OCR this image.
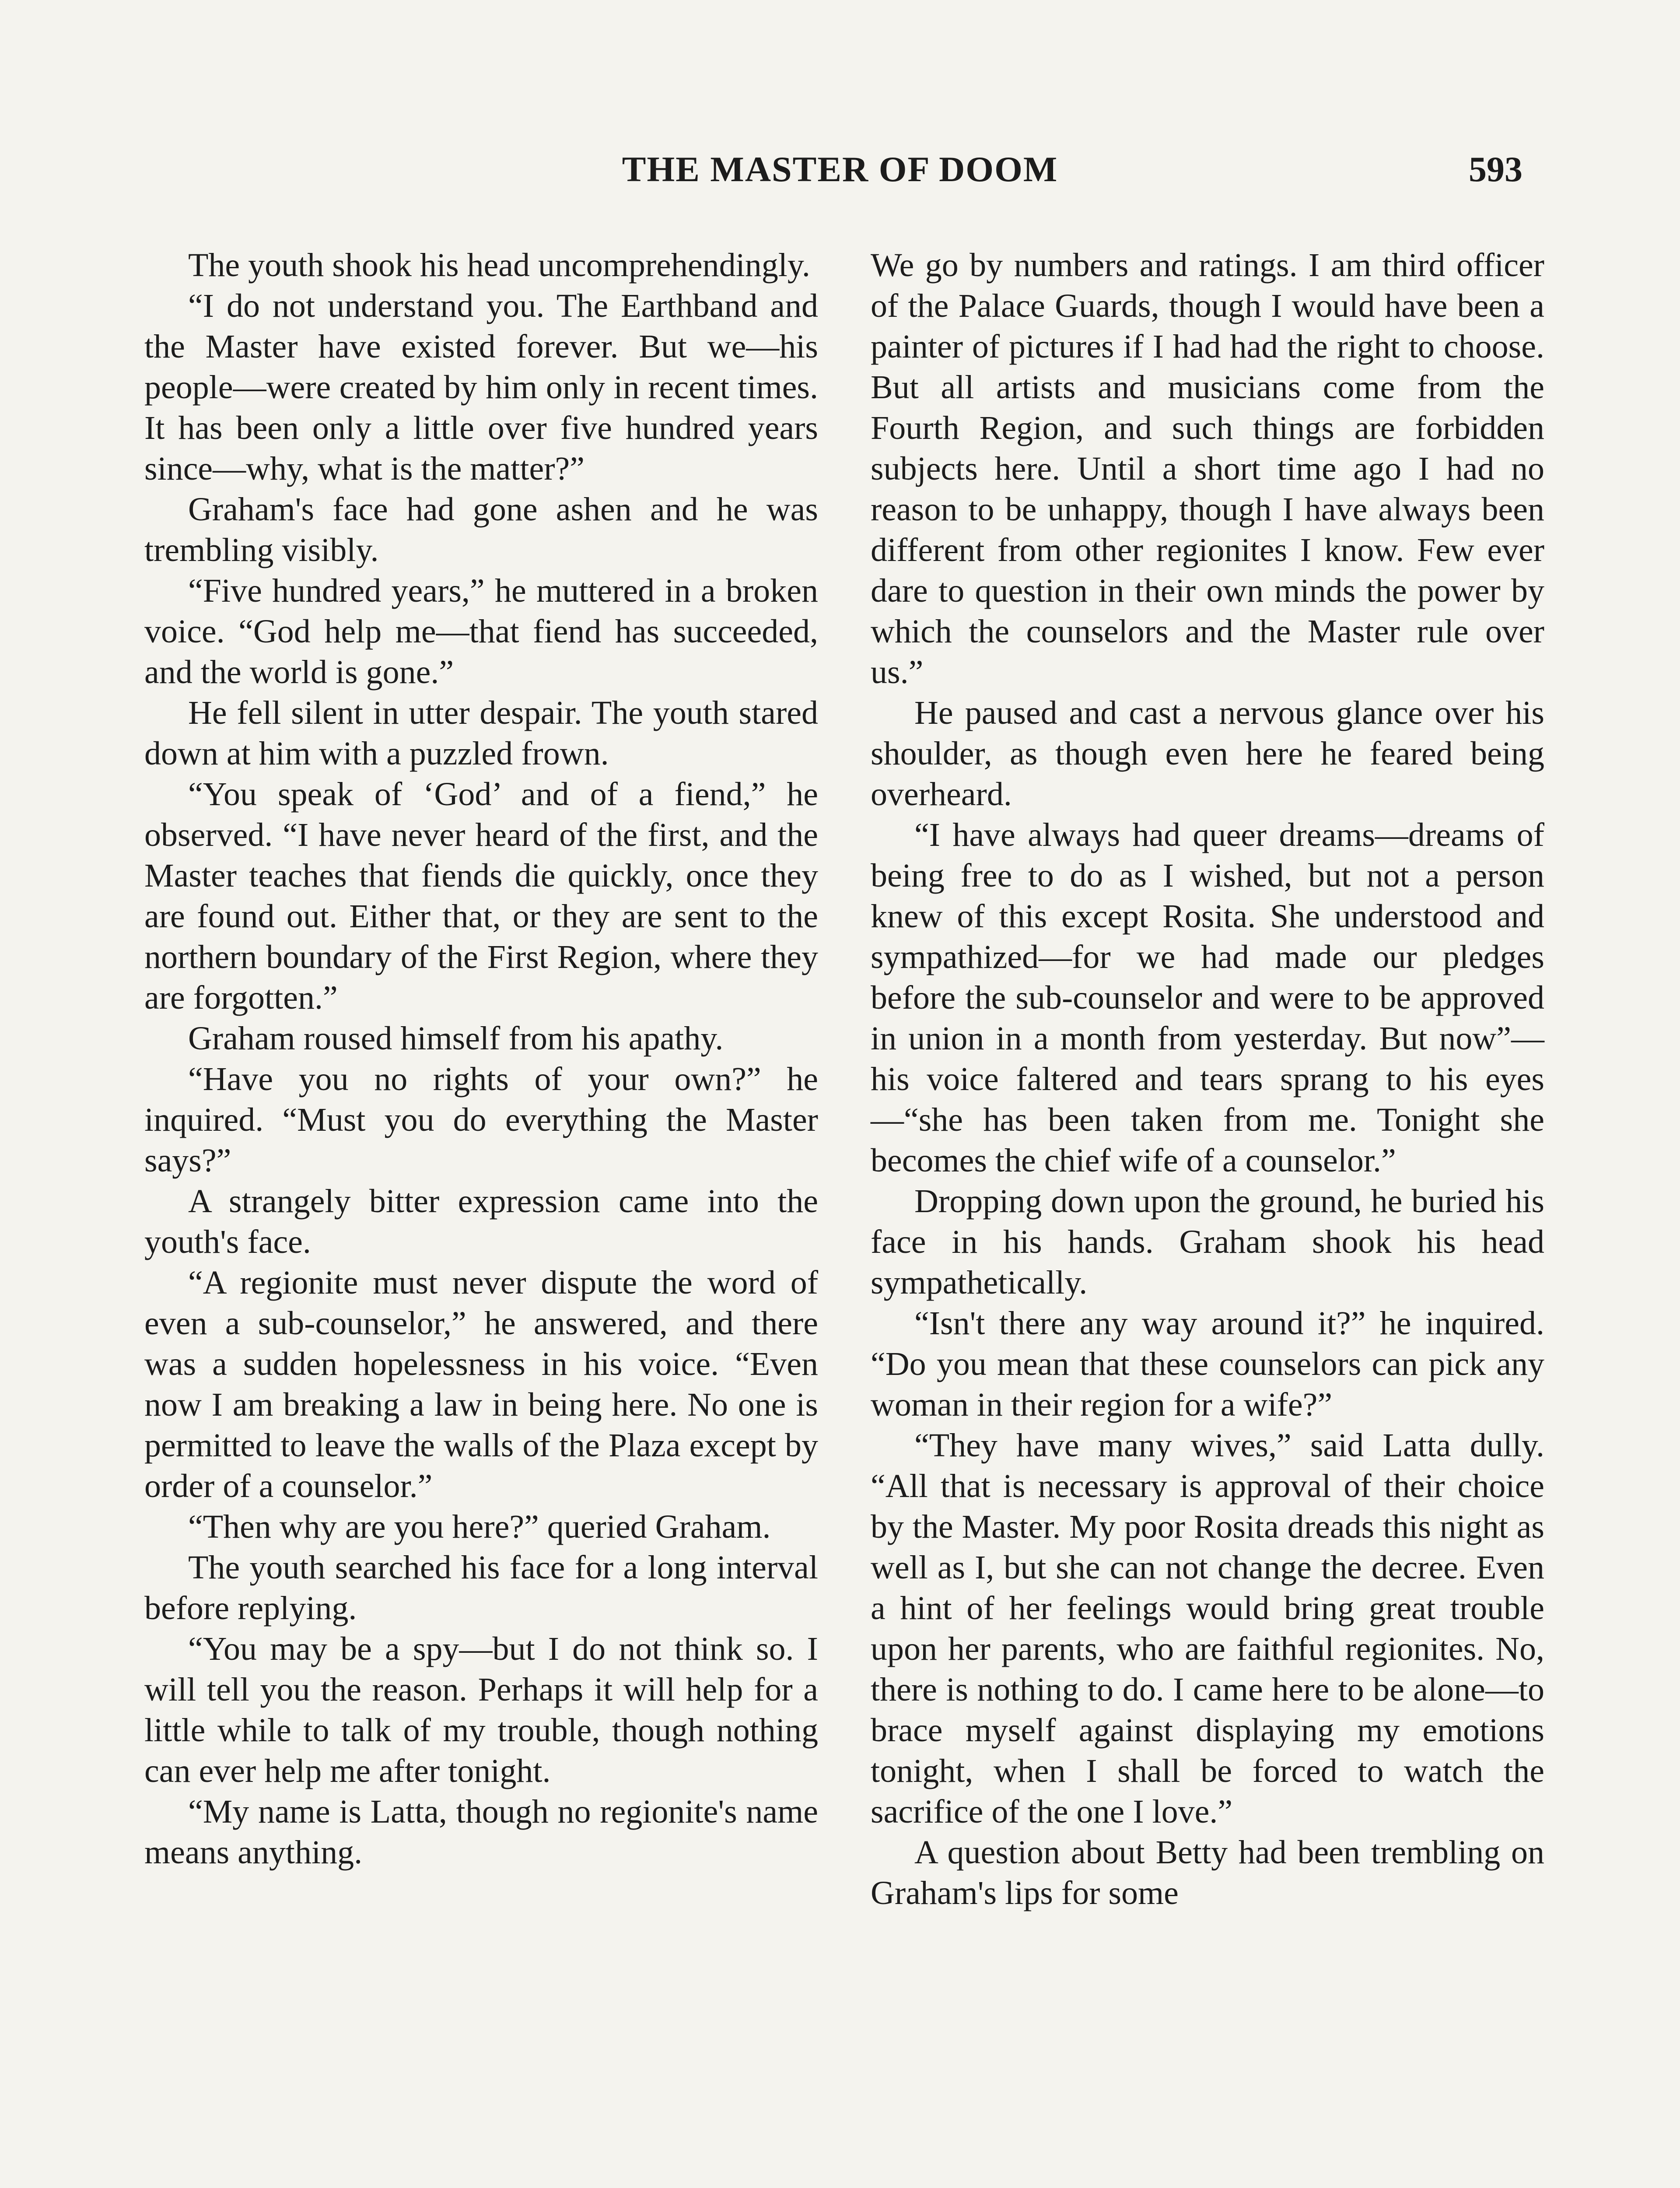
THE MASTER OF DOOM	593

The youth shook his head uncomprehendingly.

“I do not understand you. The Earthband and the Master have existed forever. But we—his people—were created by him only in recent times. It has been only a little over five hundred years since—why, what is the matter?”

Graham's face had gone ashen and he was trembling visibly.

“Five hundred years,” he muttered in a broken voice. “God help me—that fiend has succeeded, and the world is gone.”

He fell silent in utter despair. The youth stared down at him with a puzzled frown.

“You speak of ‘God’ and of a fiend,” he observed. “I have never heard of the first, and the Master teaches that fiends die quickly, once they are found out. Either that, or they are sent to the northern boundary of the First Region, where they are forgotten.”

Graham roused himself from his apathy.

“Have you no rights of your own?” he inquired. “Must you do everything the Master says?”

A strangely bitter expression came into the youth's face.

“A regionite must never dispute the word of even a sub-counselor,” he answered, and there was a sudden hopelessness in his voice. “Even now I am breaking a law in being here. No one is permitted to leave the walls of the Plaza except by order of a counselor.”

“Then why are you here?” queried Graham.

The youth searched his face for a long interval before replying.

“You may be a spy—but I do not think so. I will tell you the reason. Perhaps it will help for a little while to talk of my trouble, though nothing can ever help me after tonight.

“My name is Latta, though no regionite's name means anything.

We go by numbers and ratings. I am third officer of the Palace Guards, though I would have been a painter of pictures if I had had the right to choose. But all artists and musicians come from the Fourth Region, and such things are forbidden subjects here. Until a short time ago I had no reason to be unhappy, though I have always been different from other regionites I know. Few ever dare to question in their own minds the power by which the counselors and the Master rule over us.”

He paused and cast a nervous glance over his shoulder, as though even here he feared being overheard.

“I have always had queer dreams—dreams of being free to do as I wished, but not a person knew of this except Rosita. She understood and sympathized—for we had made our pledges before the sub-counselor and were to be approved in union in a month from yesterday. But now”—his voice faltered and tears sprang to his eyes—“she has been taken from me. Tonight she becomes the chief wife of a counselor.”

Dropping down upon the ground, he buried his face in his hands. Graham shook his head sympathetically.

“Isn't there any way around it?” he inquired. “Do you mean that these counselors can pick any woman in their region for a wife?”

“They have many wives,” said Latta dully. “All that is necessary is approval of their choice by the Master. My poor Rosita dreads this night as well as I, but she can not change the decree. Even a hint of her feelings would bring great trouble upon her parents, who are faithful regionites. No, there is nothing to do. I came here to be alone—to brace myself against displaying my emotions tonight, when I shall be forced to watch the sacrifice of the one I love.”

A question about Betty had been trembling on Graham's lips for some
